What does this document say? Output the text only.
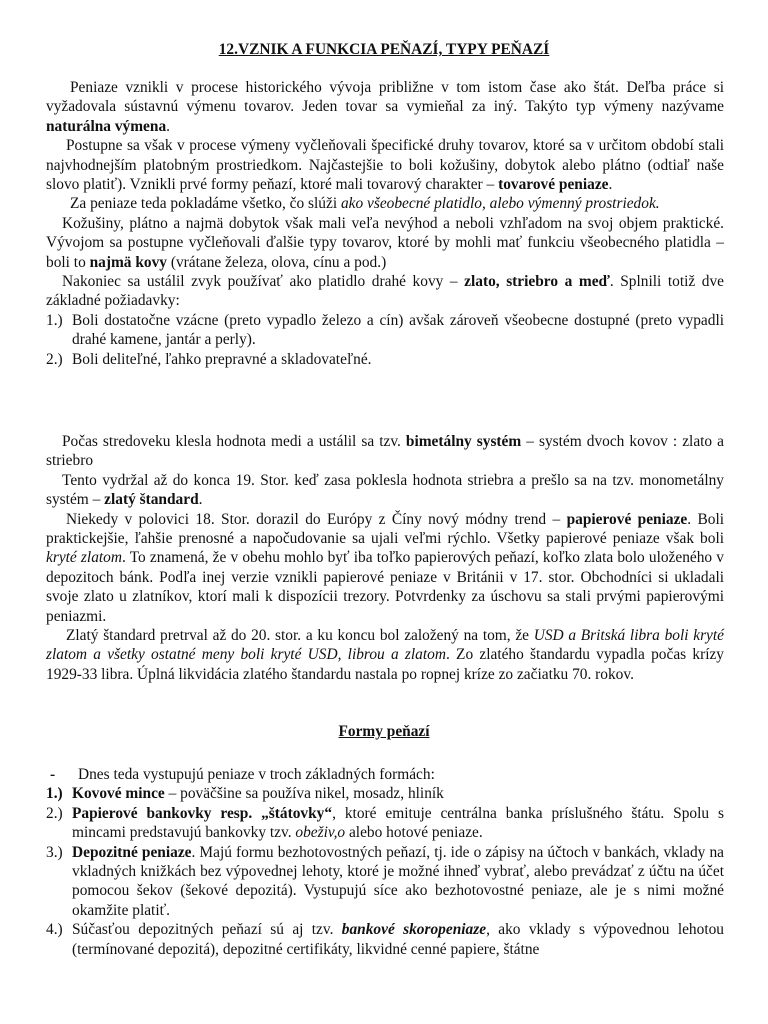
12.VZNIK A FUNKCIA PEŇAZÍ, TYPY PEŇAZÍ

Peniaze vznikli v procese historického vývoja približne v tom istom čase ako štát. Deľba práce si vyžadovala sústavnú výmenu tovarov. Jeden tovar sa vymieňal za iný. Takýto typ výmeny nazývame naturálna výmena.

Postupne sa však v procese výmeny vyčleňovali špecifické druhy tovarov, ktoré sa v určitom období stali najvhodnejším platobným prostriedkom. Najčastejšie to boli kožušiny, dobytok alebo plátno (odtiaľ naše slovo platiť). Vznikli prvé formy peňazí, ktoré mali tovarový charakter – tovarové peniaze.

Za peniaze teda pokladáme všetko, čo slúži ako všeobecné platidlo, alebo výmenný prostriedok.

Kožušiny, plátno a najmä dobytok však mali veľa nevýhod a neboli vzhľadom na svoj objem praktické. Vývojom sa postupne vyčleňovali ďalšie typy tovarov, ktoré by mohli mať funkciu všeobecného platidla – boli to najmä kovy (vrátane železa, olova, cínu a pod.)

Nakoniec sa ustálil zvyk používať ako platidlo drahé kovy – zlato, striebro a meď. Splnili totiž dve základné požiadavky:

1.) Boli dostatočne vzácne (preto vypadlo železo a cín) avšak zároveň všeobecne dostupné (preto vypadli drahé kamene, jantár a perly).
2.) Boli deliteľné, ľahko prepravné a skladovateľné.

Počas stredoveku klesla hodnota medi a ustálil sa tzv. bimetálny systém – systém dvoch kovov : zlato a striebro

Tento vydržal až do konca 19. Stor. keď zasa poklesla hodnota striebra a prešlo sa na tzv. monometálny systém – zlatý štandard.

Niekedy v polovici 18. Stor. dorazil do Európy z Číny nový módny trend – papierové peniaze. Boli praktickejšie, ľahšie prenosné a napočudovanie sa ujali veľmi rýchlo. Všetky papierové peniaze však boli kryté zlatom. To znamená, že v obehu mohlo byť iba toľko papierových peňazí, koľko zlata bolo uloženého v depozitoch bánk. Podľa inej verzie vznikli papierové peniaze v Británii v 17. stor. Obchodníci si ukladali svoje zlato u zlatníkov, ktorí mali k dispozícii trezory. Potvrdenky za úschovu sa stali prvými papierovými peniazmi.

Zlatý štandard pretrval až do 20. stor. a ku koncu bol založený na tom, že USD a Britská libra boli kryté zlatom a všetky ostatné meny boli kryté USD, librou a zlatom. Zo zlatého štandardu vypadla počas krízy 1929-33 libra. Úplná likvidácia zlatého štandardu nastala po ropnej kríze zo začiatku 70. rokov.

Formy peňazí
- Dnes teda vystupujú peniaze v troch základných formách:
1.) Kovové mince – poväčšine sa používa nikel, mosadz, hliník
2.) Papierové bankovky resp. „štátovky“, ktoré emituje centrálna banka príslušného štátu. Spolu s mincami predstavujú bankovky tzv. obeživ,o alebo hotové peniaze.
3.) Depozitné peniaze. Majú formu bezhotovostných peňazí, tj. ide o zápisy na účtoch v bankách, vklady na vkladných knižkách bez výpovednej lehoty, ktoré je možné ihneď vybrať, alebo prevádzať z účtu na účet pomocou šekov (šekové depozitá). Vystupujú síce ako bezhotovostné peniaze, ale je s nimi možné okamžite platiť.
4.) Súčasťou depozitných peňazí sú aj tzv. bankové skoropeniaze, ako vklady s výpovednou lehotou (termínované depozitá), depozitné certifikáty, likvidné cenné papiere, štátne
